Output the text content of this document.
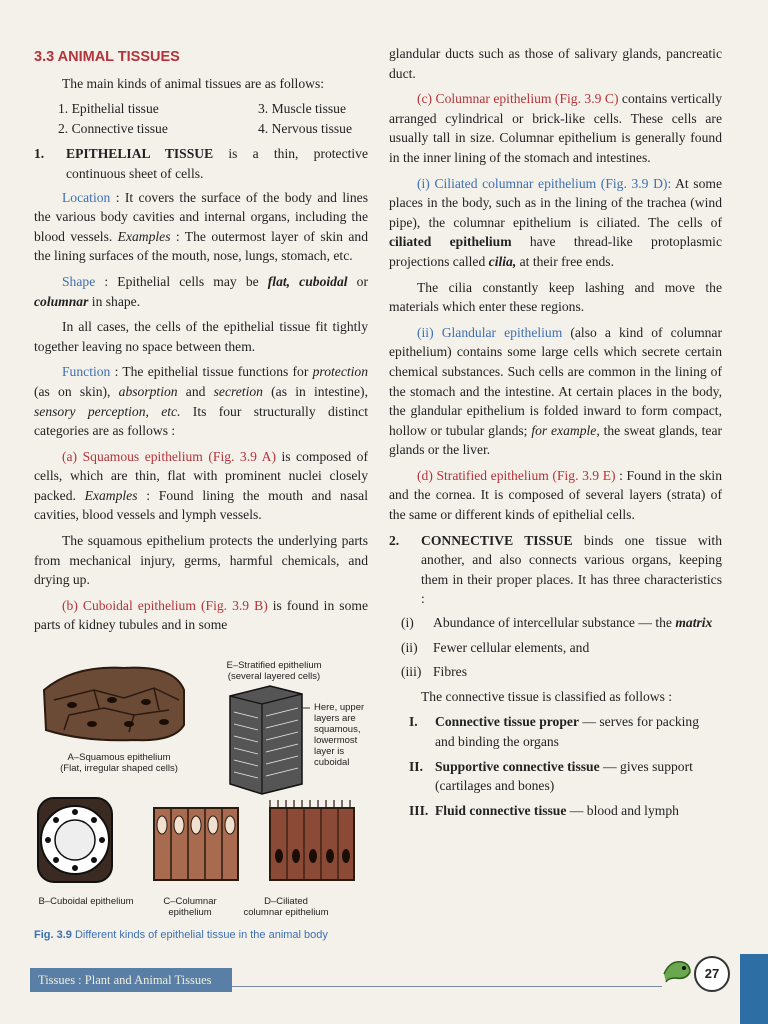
3.3 ANIMAL TISSUES

The main kinds of animal tissues are as follows:

1. Epithelial tissue	3. Muscle tissue
2. Connective tissue	4. Nervous tissue
1.	EPITHELIAL TISSUE is a thin, protective continuous sheet of cells.

Location : It covers the surface of the body and lines the various body cavities and internal organs, including the blood vessels. Examples : The outermost layer of skin and the lining surfaces of the mouth, nose, lungs, stomach, etc.

Shape : Epithelial cells may be flat, cuboidal or columnar in shape.

In all cases, the cells of the epithelial tissue fit tightly together leaving no space between them.

Function : The epithelial tissue functions for protection (as on skin), absorption and secretion (as in intestine), sensory perception, etc. Its four structurally distinct categories are as follows :

(a) Squamous epithelium (Fig. 3.9 A) is composed of cells, which are thin, flat with prominent nuclei closely packed. Examples : Found lining the mouth and nasal cavities, blood vessels and lymph vessels.

The squamous epithelium protects the underlying parts from mechanical injury, germs, harmful chemicals, and drying up.

(b) Cuboidal epithelium (Fig. 3.9 B) is found in some parts of kidney tubules and in some

E–Stratified epithelium
(several layered cells)
Here, upper
layers are
squamous,
lowermost
layer is
cuboidal
A–Squamous epithelium
(Flat, irregular shaped cells)
B–Cuboidal epithelium	C–Columnar
epithelium
D–Ciliated
columnar epithelium
Fig. 3.9 Different kinds of epithelial tissue in the animal body

glandular ducts such as those of salivary glands, pancreatic duct.

(c) Columnar epithelium (Fig. 3.9 C) contains vertically arranged cylindrical or brick-like cells. These cells are usually tall in size. Columnar epithelium is generally found in the inner lining of the stomach and intestines.

(i) Ciliated columnar epithelium (Fig. 3.9 D): At some places in the body, such as in the lining of the trachea (wind pipe), the columnar epithelium is ciliated. The cells of ciliated epithelium have thread-like protoplasmic projections called cilia, at their free ends.

The cilia constantly keep lashing and move the materials which enter these regions.

(ii) Glandular epithelium (also a kind of columnar epithelium) contains some large cells which secrete certain chemical substances. Such cells are common in the lining of the stomach and the intestine. At certain places in the body, the glandular epithelium is folded inward to form compact, hollow or tubular glands; for example, the sweat glands, tear glands or the liver.

(d) Stratified epithelium (Fig. 3.9 E) : Found in the skin and the cornea. It is composed of several layers (strata) of the same or different kinds of epithelial cells.

2.	CONNECTIVE TISSUE binds one tissue with another, and also connects various organs, keeping them in their proper places. It has three characteristics :
(i)	Abundance of intercellular substance — the matrix
(ii)	Fewer cellular elements, and
(iii) Fibres

The connective tissue is classified as follows :

I.	Connective tissue proper — serves for packing and binding the organs
II. Supportive connective tissue — gives support (cartilages and bones)
III. Fluid connective tissue — blood and lymph
Tissues : Plant and Animal Tissues	27
